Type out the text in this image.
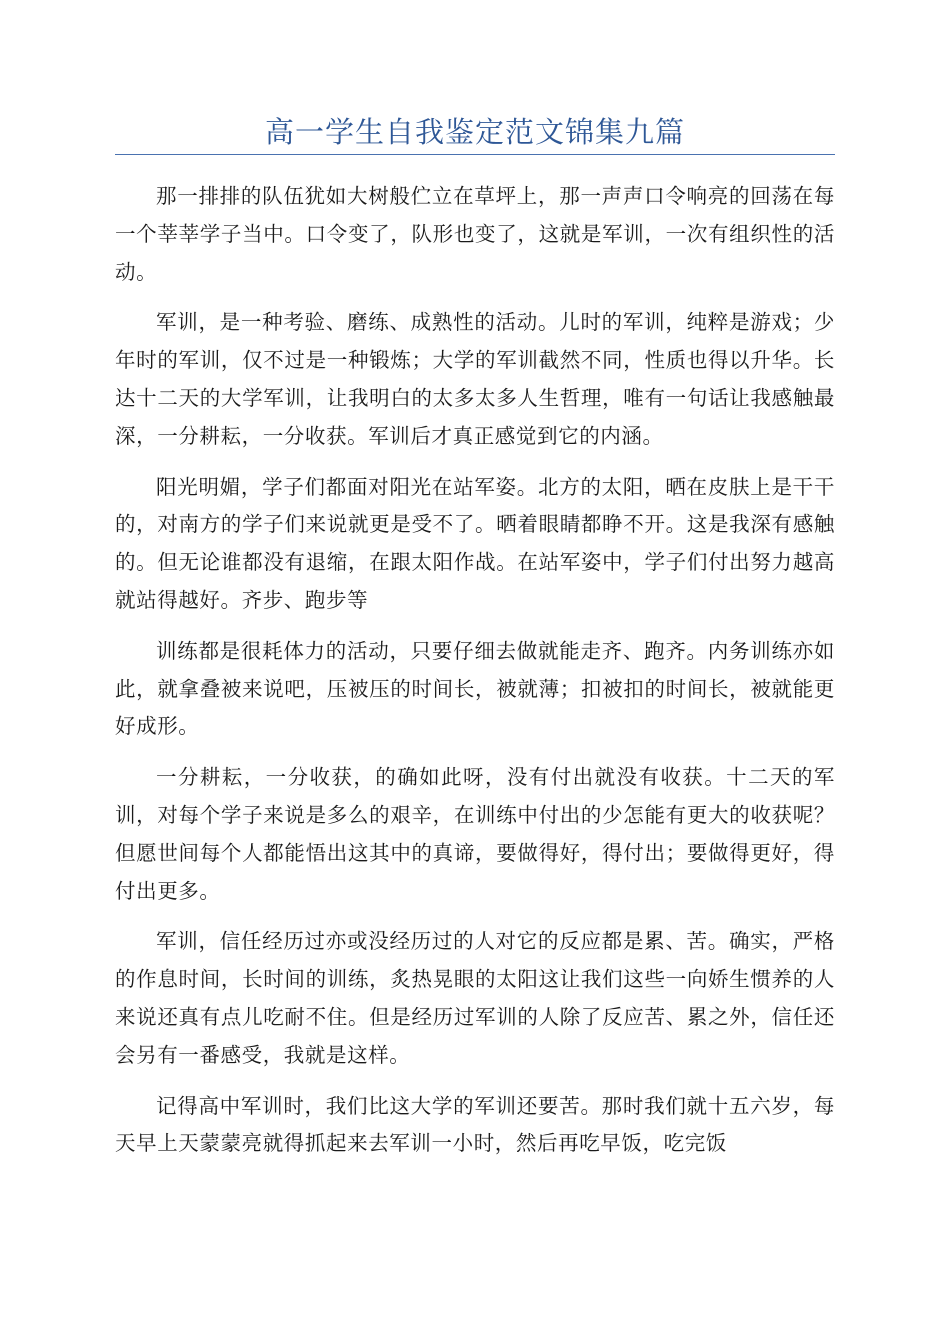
高一学生自我鉴定范文锦集九篇

那一排排的队伍犹如大树般伫立在草坪上，那一声声口令响亮的回荡在每一个莘莘学子当中。口令变了，队形也变了，这就是军训，一次有组织性的活动。

军训，是一种考验、磨练、成熟性的活动。儿时的军训，纯粹是游戏；少年时的军训，仅不过是一种锻炼；大学的军训截然不同，性质也得以升华。长达十二天的大学军训，让我明白的太多太多人生哲理，唯有一句话让我感触最深，一分耕耘，一分收获。军训后才真正感觉到它的内涵。

阳光明媚，学子们都面对阳光在站军姿。北方的太阳，晒在皮肤上是干干的，对南方的学子们来说就更是受不了。晒着眼睛都睁不开。这是我深有感触的。但无论谁都没有退缩，在跟太阳作战。在站军姿中，学子们付出努力越高就站得越好。齐步、跑步等

训练都是很耗体力的活动，只要仔细去做就能走齐、跑齐。内务训练亦如此，就拿叠被来说吧，压被压的时间长，被就薄；扣被扣的时间长，被就能更好成形。

一分耕耘，一分收获，的确如此呀，没有付出就没有收获。十二天的军训，对每个学子来说是多么的艰辛，在训练中付出的少怎能有更大的收获呢？但愿世间每个人都能悟出这其中的真谛，要做得好，得付出；要做得更好，得付出更多。

军训，信任经历过亦或没经历过的人对它的反应都是累、苦。确实，严格的作息时间，长时间的训练，炙热晃眼的太阳这让我们这些一向娇生惯养的人来说还真有点儿吃耐不住。但是经历过军训的人除了反应苦、累之外，信任还会另有一番感受，我就是这样。

记得高中军训时，我们比这大学的军训还要苦。那时我们就十五六岁，每天早上天蒙蒙亮就得抓起来去军训一小时，然后再吃早饭，吃完饭
